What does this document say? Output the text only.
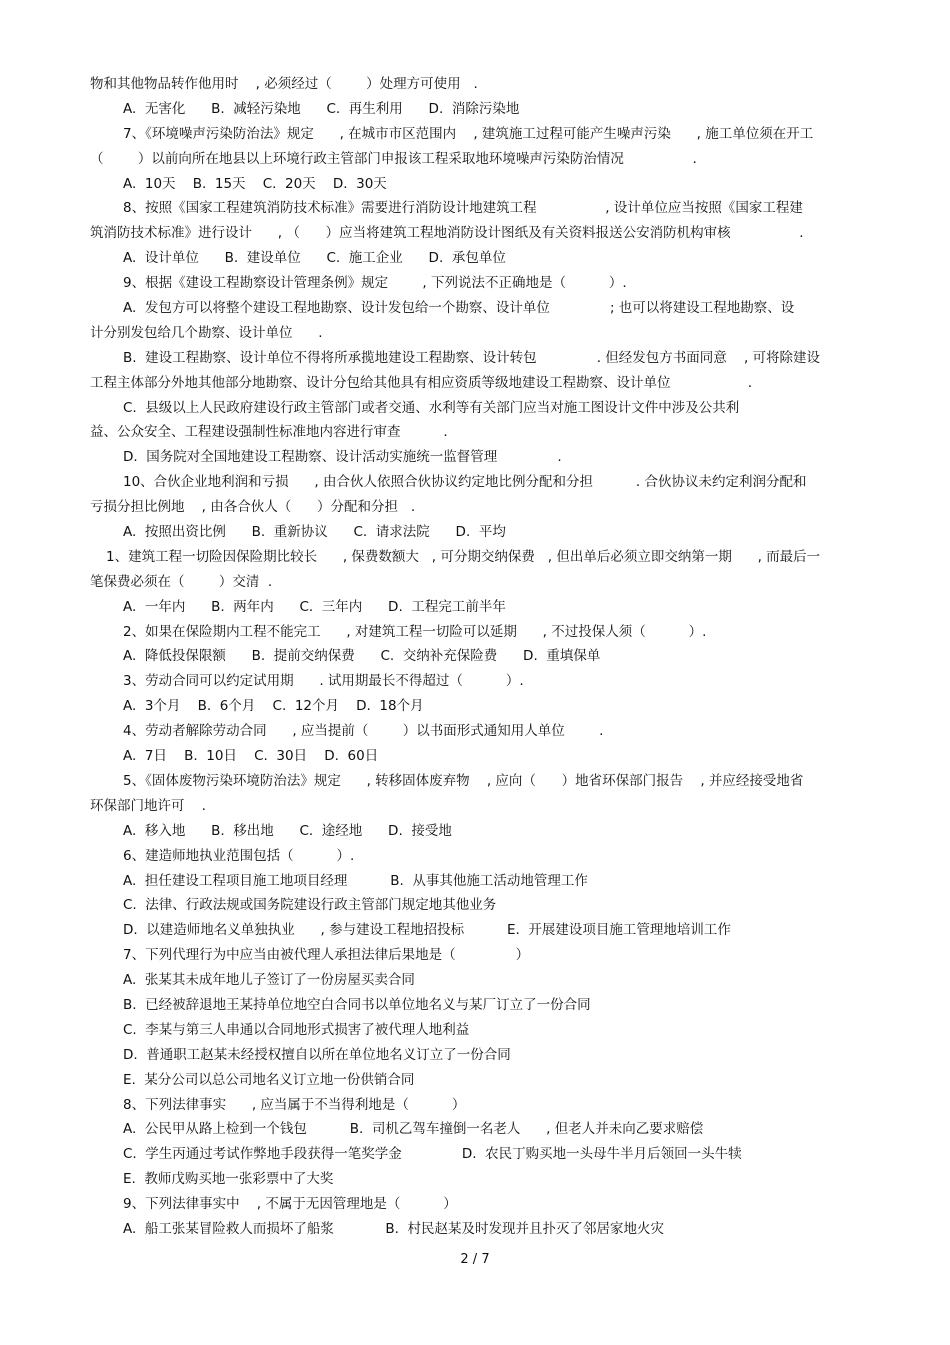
物和其他物品转作他用时    , 必须经过（        ）处理方可使用   .
A.  无害化      B.  减轻污染地      C.  再生利用      D.  消除污染地
7、《环境噪声污染防治法》规定      , 在城市市区范围内    , 建筑施工过程可能产生噪声污染      , 施工单位须在开工
（        ）以前向所在地县以上环境行政主管部门申报该工程采取地环境噪声污染防治情况                .
A.  10天    B.  15天    C.  20天    D.  30天
8、按照《国家工程建筑消防技术标准》需要进行消防设计地建筑工程                , 设计单位应当按照《国家工程建
筑消防技术标准》进行设计      , （      ）应当将建筑工程地消防设计图纸及有关资料报送公安消防机构审核                .
A.  设计单位      B.  建设单位      C.  施工企业      D.  承包单位
9、根据《建设工程勘察设计管理条例》规定        , 下列说法不正确地是（          ）.
A.  发包方可以将整个建设工程地勘察、设计发包给一个勘察、设计单位              ; 也可以将建设工程地勘察、设
计分别发包给几个勘察、设计单位      .
B.  建设工程勘察、设计单位不得将所承揽地建设工程勘察、设计转包              . 但经发包方书面同意    , 可将除建设
工程主体部分外地其他部分地勘察、设计分包给其他具有相应资质等级地建设工程勘察、设计单位                  .
C.  县级以上人民政府建设行政主管部门或者交通、水利等有关部门应当对施工图设计文件中涉及公共利
益、公众安全、工程建设强制性标准地内容进行审查          .
D.  国务院对全国地建设工程勘察、设计活动实施统一监督管理              .
10、合伙企业地利润和亏损      , 由合伙人依照合伙协议约定地比例分配和分担          . 合伙协议未约定利润分配和
亏损分担比例地    , 由各合伙人（      ）分配和分担   .
A.  按照出资比例      B.  重新协议      C.  请求法院      D.  平均
1、建筑工程一切险因保险期比较长      , 保费数额大   , 可分期交纳保费   , 但出单后必须立即交纳第一期      , 而最后一
笔保费必须在（        ）交清  .
A.  一年内      B.  两年内      C.  三年内      D.  工程完工前半年
2、如果在保险期内工程不能完工      , 对建筑工程一切险可以延期      , 不过投保人须（          ）.
A.  降低投保限额      B.  提前交纳保费      C.  交纳补充保险费      D.  重填保单
3、劳动合同可以约定试用期      . 试用期最长不得超过（          ）.
A.  3个月    B.  6个月    C.  12个月    D.  18个月
4、劳动者解除劳动合同      , 应当提前（        ）以书面形式通知用人单位        .
A.  7日    B.  10日    C.  30日    D.  60日
5、《固体废物污染环境防治法》规定      , 转移固体废弃物    , 应向（      ）地省环保部门报告    , 并应经接受地省
环保部门地许可    .
A.  移入地      B.  移出地      C.  途经地      D.  接受地
6、建造师地执业范围包括（          ）.
A.  担任建设工程项目施工地项目经理          B.  从事其他施工活动地管理工作
C.  法律、行政法规或国务院建设行政主管部门规定地其他业务
D.  以建造师地名义单独执业      , 参与建设工程地招投标          E.  开展建设项目施工管理地培训工作
7、下列代理行为中应当由被代理人承担法律后果地是（              ）
A.  张某其未成年地儿子签订了一份房屋买卖合同
B.  已经被辞退地王某持单位地空白合同书以单位地名义与某厂订立了一份合同
C.  李某与第三人串通以合同地形式损害了被代理人地利益
D.  普通职工赵某未经授权擅自以所在单位地名义订立了一份合同
E.  某分公司以总公司地名义订立地一份供销合同
8、下列法律事实      , 应当属于不当得利地是（          ）
A.  公民甲从路上检到一个钱包          B.  司机乙驾车撞倒一名老人      , 但老人并未向乙要求赔偿
C.  学生丙通过考试作弊地手段获得一笔奖学金              D.  农民丁购买地一头母牛半月后领回一头牛犊
E.  教师戊购买地一张彩票中了大奖
9、下列法律事实中    , 不属于无因管理地是（          ）
A.  船工张某冒险救人而损坏了船浆            B.  村民赵某及时发现并且扑灭了邻居家地火灾
2 / 7
